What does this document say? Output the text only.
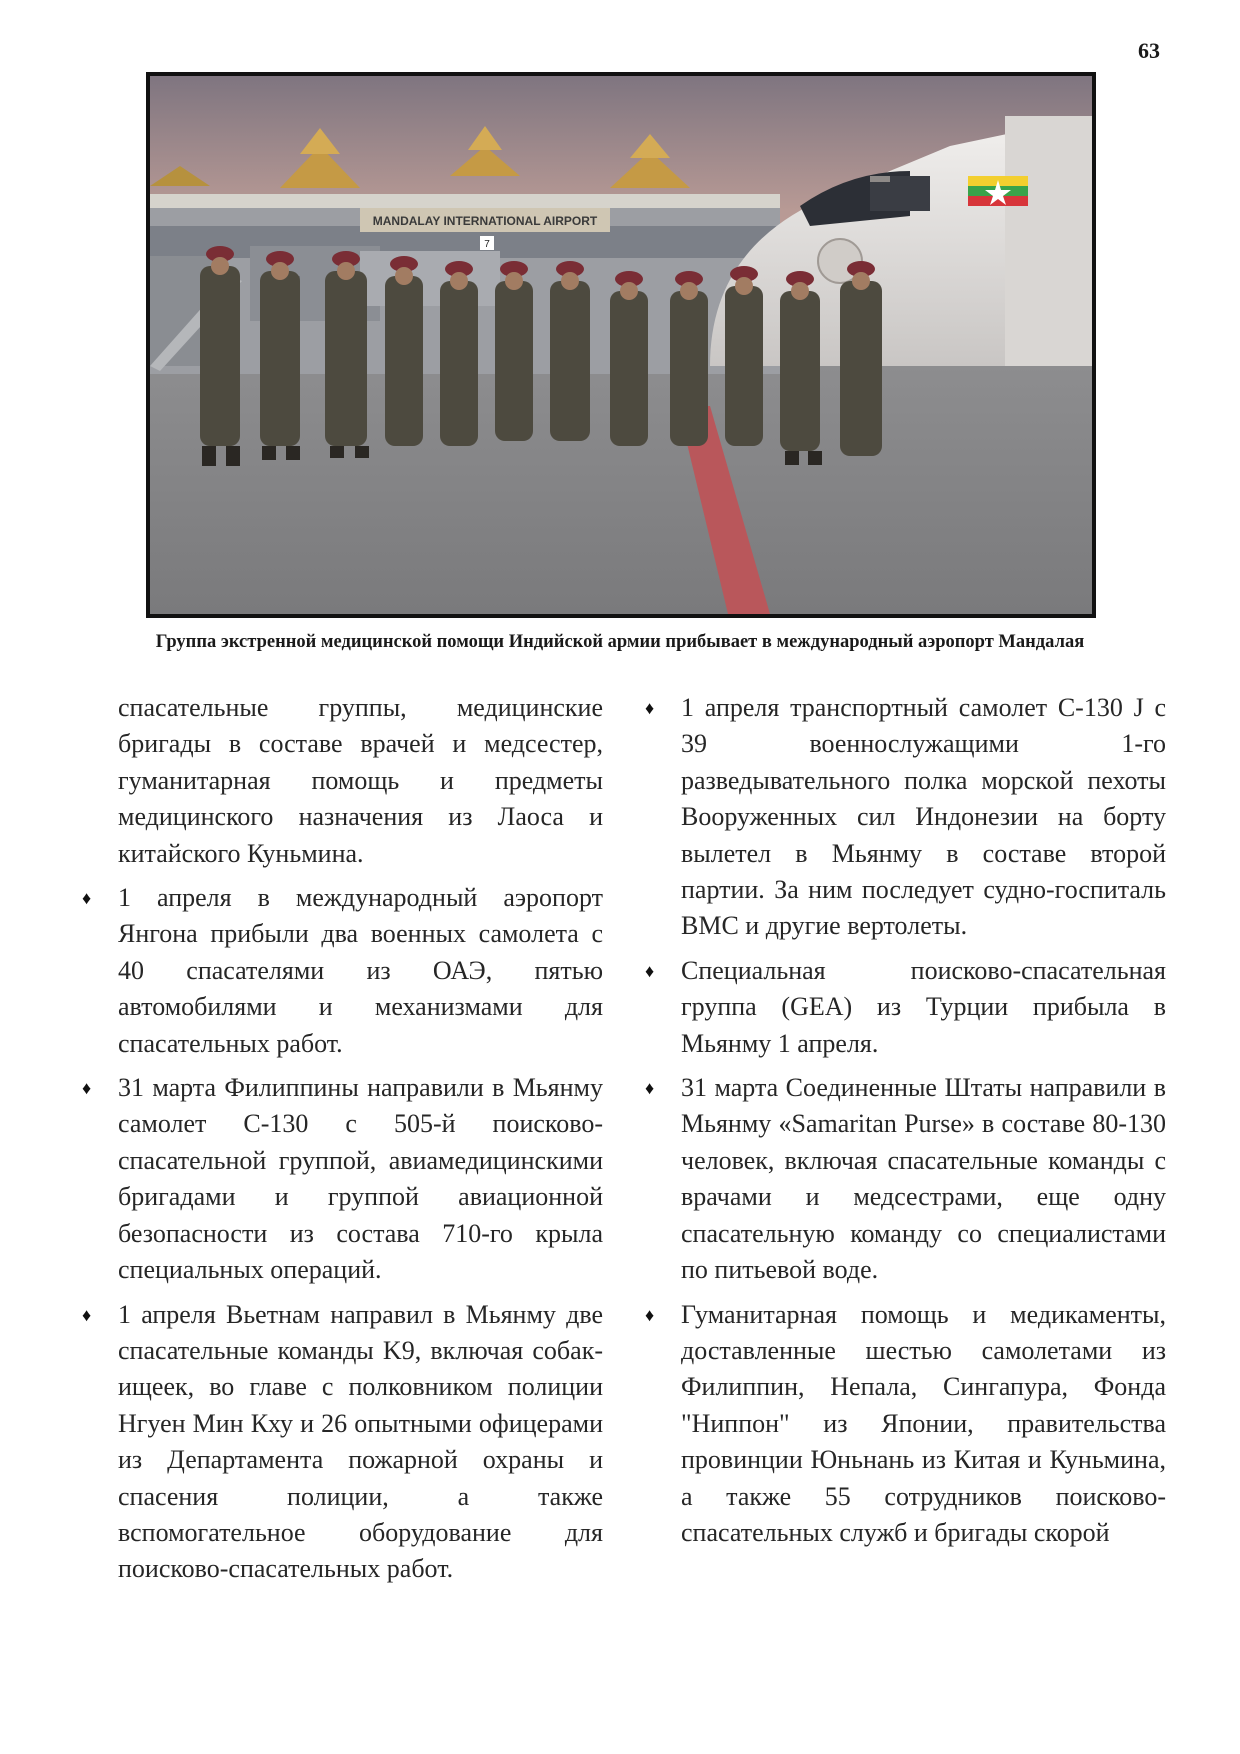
63
MANDALAY INTERNATIONAL AIRPORT
7
Группа экстренной медицинской помощи Индийской армии прибывает в международный аэропорт Мандалая

спасательные группы, медицинские бригады в составе врачей и медсестер, гуманитарная помощь и предметы медицинского назначения из Лаоса и китайского Куньмина.

♦ 1 апреля в международный аэропорт Янгона прибыли два военных самолета с 40 спасателями из ОАЭ, пятью автомобилями и механизмами для спасательных работ.
♦ 31 марта Филиппины направили в Мьянму самолет C-130 с 505-й поисково-спасательной группой, авиамедицинскими бригадами и группой авиационной безопасности из состава 710-го крыла специальных операций.
♦ 1 апреля Вьетнам направил в Мьянму две спасательные команды K9, включая собак-ищеек, во главе с полковником полиции Нгуен Мин Кху и 26 опытными офицерами из Департамента пожарной охраны и спасения полиции, а также вспомогательное оборудование для поисково-спасательных работ.
♦ 1 апреля транспортный самолет C-130 J с 39 военнослужащими 1-го разведывательного полка морской пехоты Вооруженных сил Индонезии на борту вылетел в Мьянму в составе второй партии. За ним последует судно-госпиталь ВМС и другие вертолеты.
♦ Специальная поисково-спасательная группа (GEA) из Турции прибыла в Мьянму 1 апреля.
♦ 31 марта Соединенные Штаты направили в Мьянму «Samaritan Purse» в составе 80-130 человек, включая спасательные команды с врачами и медсестрами, еще одну спасательную команду со специалистами по питьевой воде.
♦ Гуманитарная помощь и медикаменты, доставленные шестью самолетами из Филиппин, Непала, Сингапура, Фонда "Ниппон" из Японии, правительства провинции Юньнань из Китая и Куньмина, а также 55 сотрудников поисково-спасательных служб и бригады скорой
